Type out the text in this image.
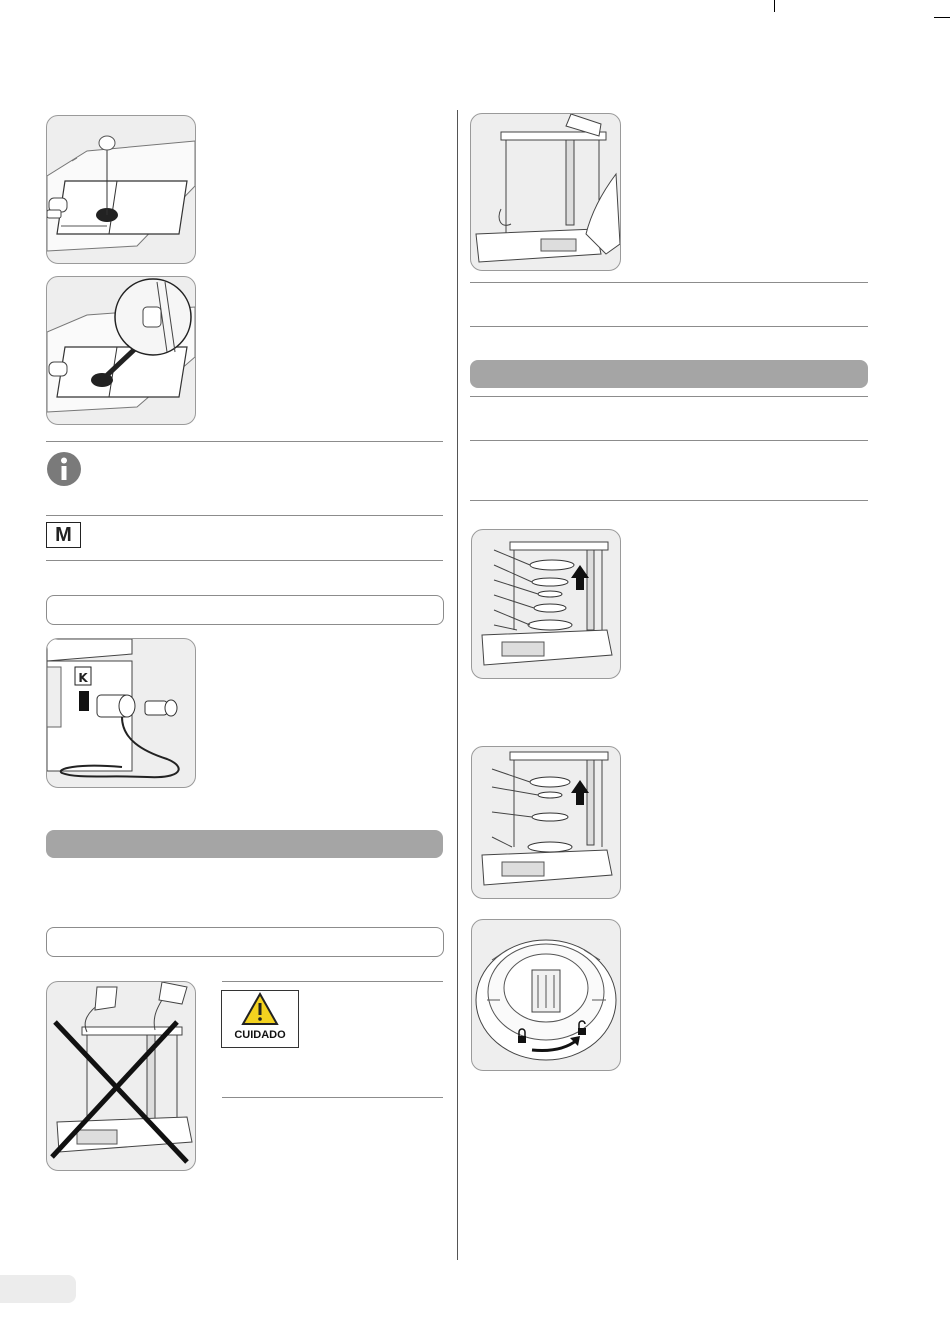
M
K
CUIDADO
